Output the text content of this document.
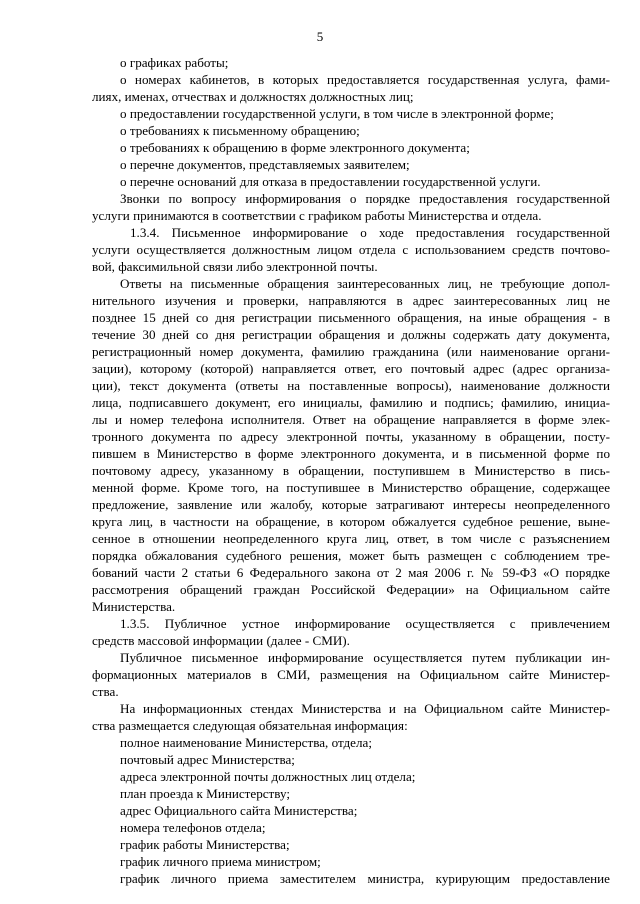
5
о графиках работы;
о номерах кабинетов, в которых предоставляется государственная услуга, фами-
лиях, именах, отчествах и должностях должностных лиц;
о предоставлении государственной услуги, в том числе в электронной форме;
о требованиях к письменному обращению;
о требованиях к обращению в форме электронного документа;
о перечне документов, представляемых заявителем;
о перечне оснований для отказа в предоставлении государственной услуги.
Звонки по вопросу информирования о порядке предоставления государственной
услуги принимаются в соответствии с графиком работы Министерства и отдела.
1.3.4. Письменное информирование о ходе предоставления государственной
услуги осуществляется должностным лицом отдела с использованием средств почтово-
вой, факсимильной связи либо электронной почты.
Ответы на письменные обращения заинтересованных лиц, не требующие допол-
нительного изучения и проверки, направляются в адрес заинтересованных лиц не
позднее 15 дней со дня регистрации письменного обращения, на иные обращения - в
течение 30 дней со дня регистрации обращения и должны содержать дату документа,
регистрационный номер документа, фамилию гражданина (или наименование органи-
зации), которому (которой) направляется ответ, его почтовый адрес (адрес организа-
ции), текст документа (ответы на поставленные вопросы), наименование должности
лица, подписавшего документ, его инициалы, фамилию и подпись; фамилию, инициа-
лы и номер телефона исполнителя. Ответ на обращение направляется в форме элек-
тронного документа по адресу электронной почты, указанному в обращении, посту-
пившем в Министерство в форме электронного документа, и в письменной форме по
почтовому адресу, указанному в обращении, поступившем в Министерство в пись-
менной форме. Кроме того, на поступившее в Министерство обращение, содержащее
предложение, заявление или жалобу, которые затрагивают интересы неопределенного
круга лиц, в частности на обращение, в котором обжалуется судебное решение, выне-
сенное в отношении неопределенного круга лиц, ответ, в том числе с разъяснением
порядка обжалования судебного решения, может быть размещен с соблюдением тре-
бований части 2 статьи 6 Федерального закона от 2 мая 2006 г. № 59-ФЗ «О порядке
рассмотрения обращений граждан Российской Федерации» на Официальном сайте
Министерства.
1.3.5. Публичное устное информирование осуществляется с привлечением
средств массовой информации (далее - СМИ).
Публичное письменное информирование осуществляется путем публикации ин-
формационных материалов в СМИ, размещения на Официальном сайте Министер-
ства.
На информационных стендах Министерства и на Официальном сайте Министер-
ства размещается следующая обязательная информация:
полное наименование Министерства, отдела;
почтовый адрес Министерства;
адреса электронной почты должностных лиц отдела;
план проезда к Министерству;
адрес Официального сайта Министерства;
номера телефонов отдела;
график работы Министерства;
график личного приема министром;
график личного приема заместителем министра, курирующим предоставление
